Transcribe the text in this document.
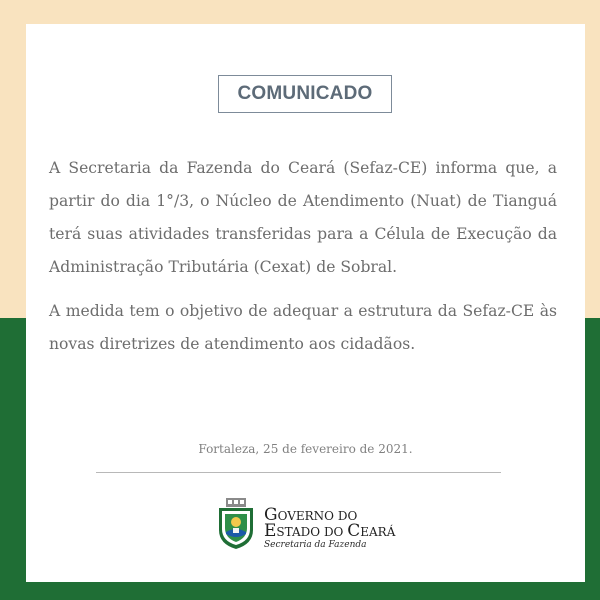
COMUNICADO

A Secretaria da Fazenda do Ceará (Sefaz-CE) informa que, a partir do dia 1°/3, o Núcleo de Atendimento (Nuat) de Tianguá terá suas atividades transferidas para a Célula de Execução da Administração Tributária (Cexat) de Sobral.

A medida tem o objetivo de adequar a estrutura da Sefaz-CE às novas diretrizes de atendimento aos cidadãos.

Fortaleza, 25 de fevereiro de 2021.
GOVERNO DO
ESTADO DO CEARÁ
Secretaria da Fazenda
